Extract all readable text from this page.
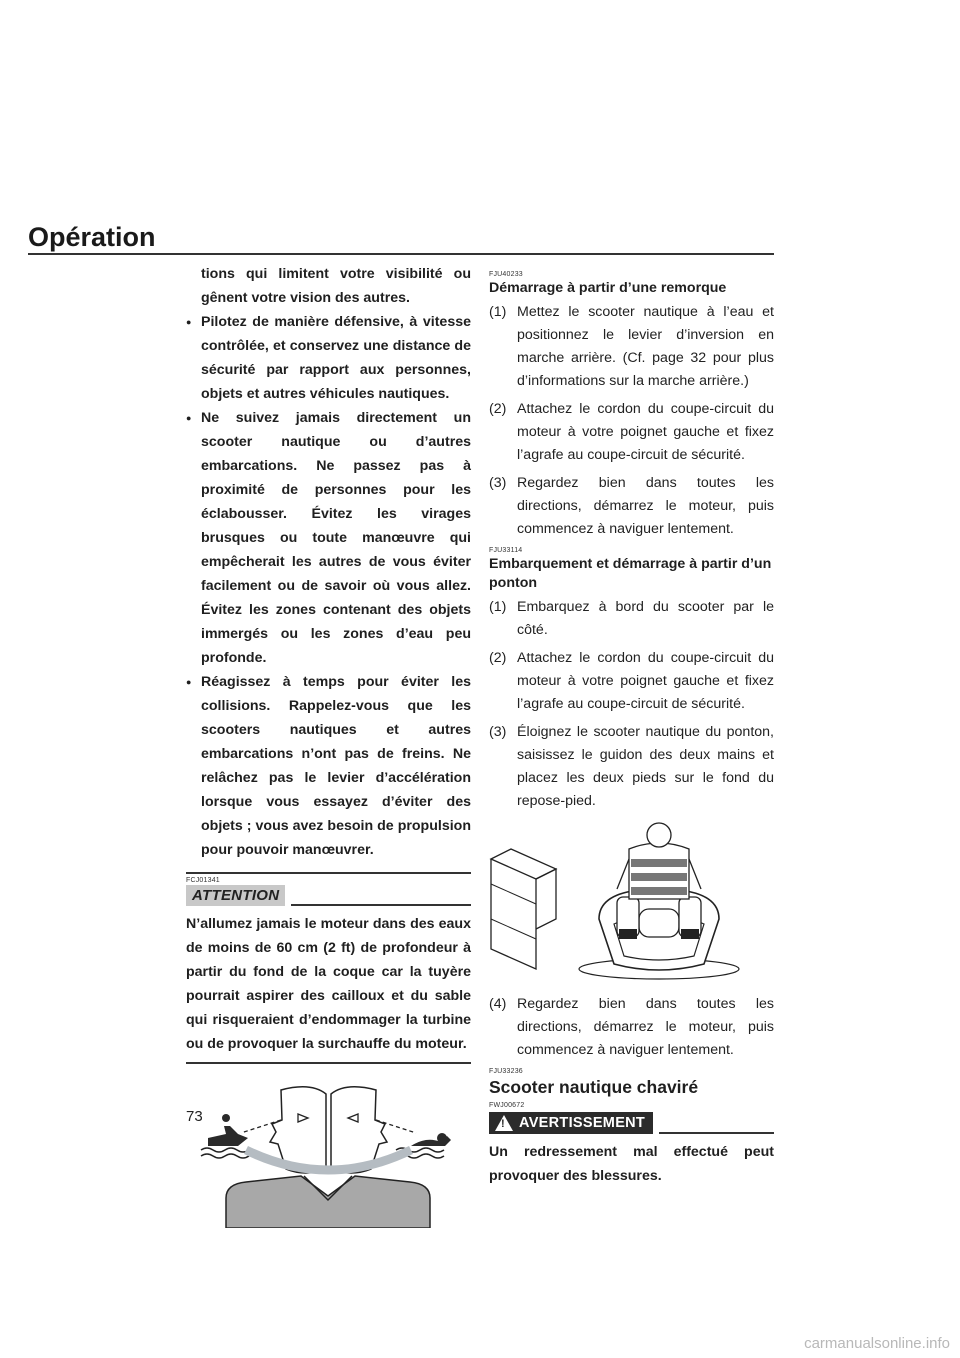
Opération

tions qui limitent votre visibilité ou gênent votre vision des autres.

● Pilotez de manière défensive, à vitesse contrôlée, et conservez une distance de sécurité par rapport aux personnes, objets et autres véhicules nautiques.

● Ne suivez jamais directement un scooter nautique ou d’autres embarcations. Ne passez pas à proximité de personnes pour les éclabousser. Évitez les virages brusques ou toute manœuvre qui empêcherait les autres de vous éviter facilement ou de savoir où vous allez. Évitez les zones contenant des objets immergés ou les zones d’eau peu profonde.

● Réagissez à temps pour éviter les collisions. Rappelez-vous que les scooters nautiques et autres embarcations n’ont pas de freins. Ne relâchez pas le levier d’accélération lorsque vous essayez d’éviter des objets ; vous avez besoin de propulsion pour pouvoir manœuvrer.

FCJ01341

ATTENTION

N’allumez jamais le moteur dans des eaux de moins de 60 cm (2 ft) de profondeur à partir du fond de la coque car la tuyère pourrait aspirer des cailloux et du sable qui risqueraient d’endommager la turbine ou de provoquer la surchauffe du moteur.

FJU40233

Démarrage à partir d’une remorque

(1) Mettez le scooter nautique à l’eau et positionnez le levier d’inversion en marche arrière. (Cf. page 32 pour plus d’informations sur la marche arrière.)
(2) Attachez le cordon du coupe-circuit du moteur à votre poignet gauche et fixez l’agrafe au coupe-circuit de sécurité.
(3) Regardez bien dans toutes les directions, démarrez le moteur, puis commencez à naviguer lentement.

FJU33114

Embarquement et démarrage à partir d’un ponton

(1) Embarquez à bord du scooter par le côté.
(2) Attachez le cordon du coupe-circuit du moteur à votre poignet gauche et fixez l’agrafe au coupe-circuit de sécurité.
(3) Éloignez le scooter nautique du ponton, saisissez le guidon des deux mains et placez les deux pieds sur le fond du repose-pied.
(4) Regardez bien dans toutes les directions, démarrez le moteur, puis commencez à naviguer lentement.

FJU33236

Scooter nautique chaviré

FWJ00672

! AVERTISSEMENT

Un redressement mal effectué peut provoquer des blessures.

73
carmanualsonline.info
